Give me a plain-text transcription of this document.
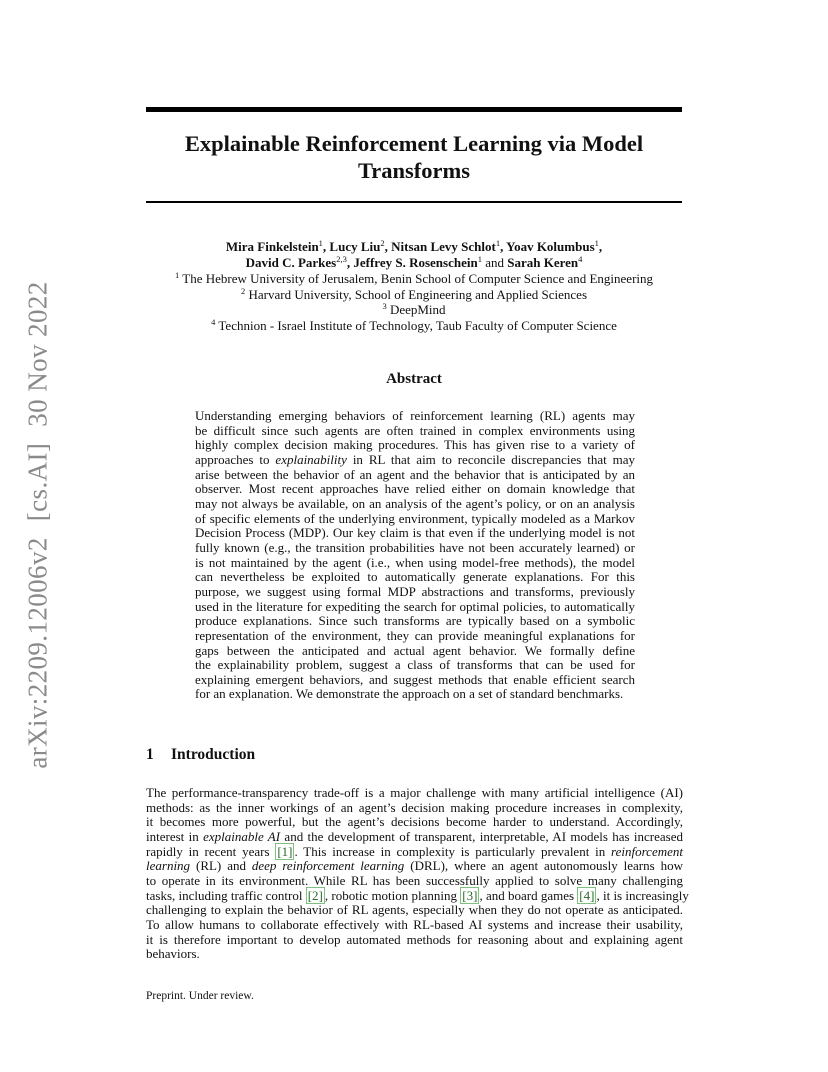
arXiv:2209.12006v2[cs.AI]30 Nov 2022
Explainable Reinforcement Learning via Model
Transforms
Mira Finkelstein$^1$, Lucy Liu$^2$, Nitsan Levy Schlot$^1$, Yoav Kolumbus$^1$,
David C. Parkes$^{2,3}$, Jeffrey S. Rosenschein$^1$ and Sarah Keren$^4$
$^1$ The Hebrew University of Jerusalem, Benin School of Computer Science and Engineering
$^2$ Harvard University, School of Engineering and Applied Sciences
$^3$ DeepMind
$^4$ Technion - Israel Institute of Technology, Taub Faculty of Computer Science
Abstract
Understanding emerging behaviors of reinforcement learning (RL) agents may
be difficult since such agents are often trained in complex environments using
highly complex decision making procedures. This has given rise to a variety of
approaches to explainability in RL that aim to reconcile discrepancies that may
arise between the behavior of an agent and the behavior that is anticipated by an
observer. Most recent approaches have relied either on domain knowledge that
may not always be available, on an analysis of the agent’s policy, or on an analysis
of specific elements of the underlying environment, typically modeled as a Markov
Decision Process (MDP). Our key claim is that even if the underlying model is not
fully known (e.g., the transition probabilities have not been accurately learned) or
is not maintained by the agent (i.e., when using model-free methods), the model
can nevertheless be exploited to automatically generate explanations. For this
purpose, we suggest using formal MDP abstractions and transforms, previously
used in the literature for expediting the search for optimal policies, to automatically
produce explanations. Since such transforms are typically based on a symbolic
representation of the environment, they can provide meaningful explanations for
gaps between the anticipated and actual agent behavior. We formally define
the explainability problem, suggest a class of transforms that can be used for
explaining emergent behaviors, and suggest methods that enable efficient search
for an explanation. We demonstrate the approach on a set of standard benchmarks.
1 Introduction
The performance-transparency trade-off is a major challenge with many artificial intelligence (AI)
methods: as the inner workings of an agent’s decision making procedure increases in complexity,
it becomes more powerful, but the agent’s decisions become harder to understand. Accordingly,
interest in explainable AI and the development of transparent, interpretable, AI models has increased
rapidly in recent years [1] . This increase in complexity is particularly prevalent in reinforcement
learning (RL) and deep reinforcement learning (DRL), where an agent autonomously learns how
to operate in its environment. While RL has been successfully applied to solve many challenging
tasks, including traffic control [2] , robotic motion planning [3] , and board games [4] , it is increasingly
challenging to explain the behavior of RL agents, especially when they do not operate as anticipated.
To allow humans to collaborate effectively with RL-based AI systems and increase their usability,
it is therefore important to develop automated methods for reasoning about and explaining agent
behaviors.
Preprint. Under review.
